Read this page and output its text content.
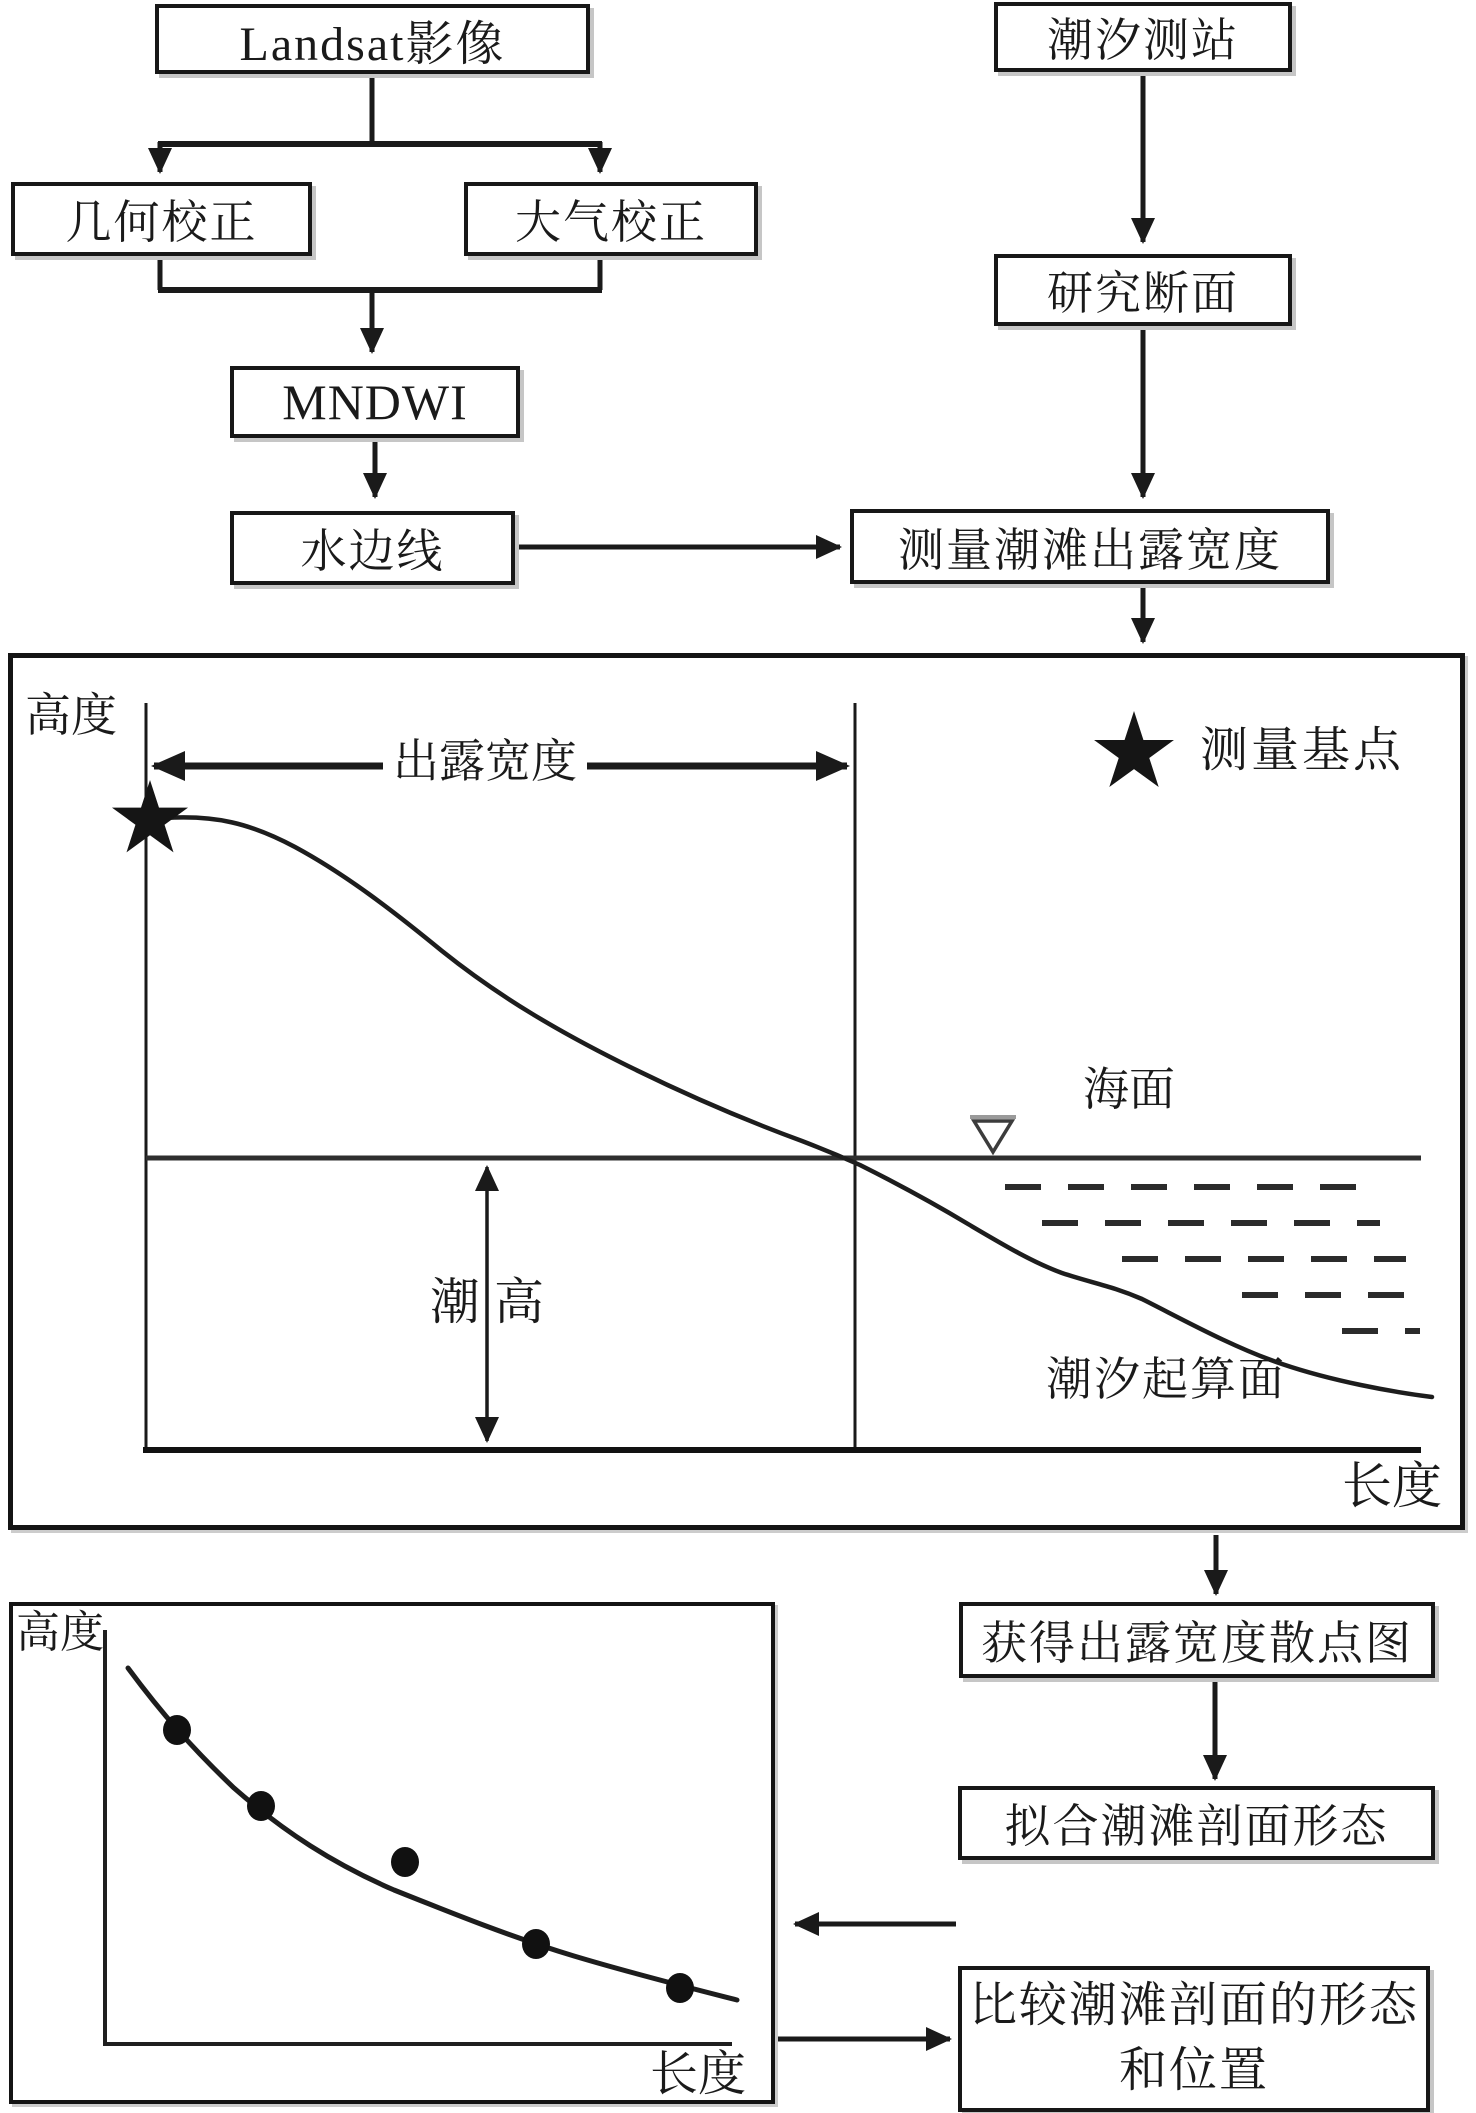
Landsat影像	潮汐测站
几何校正	大气校正
研究断面
MNDWI
水边线	测量潮滩出露宽度
获得出露宽度散点图
拟合潮滩剖面形态
比较潮滩剖面的形态
和位置
高度
出露宽度	测量基点
海面
潮高
潮汐起算面
长度
高度
长度
